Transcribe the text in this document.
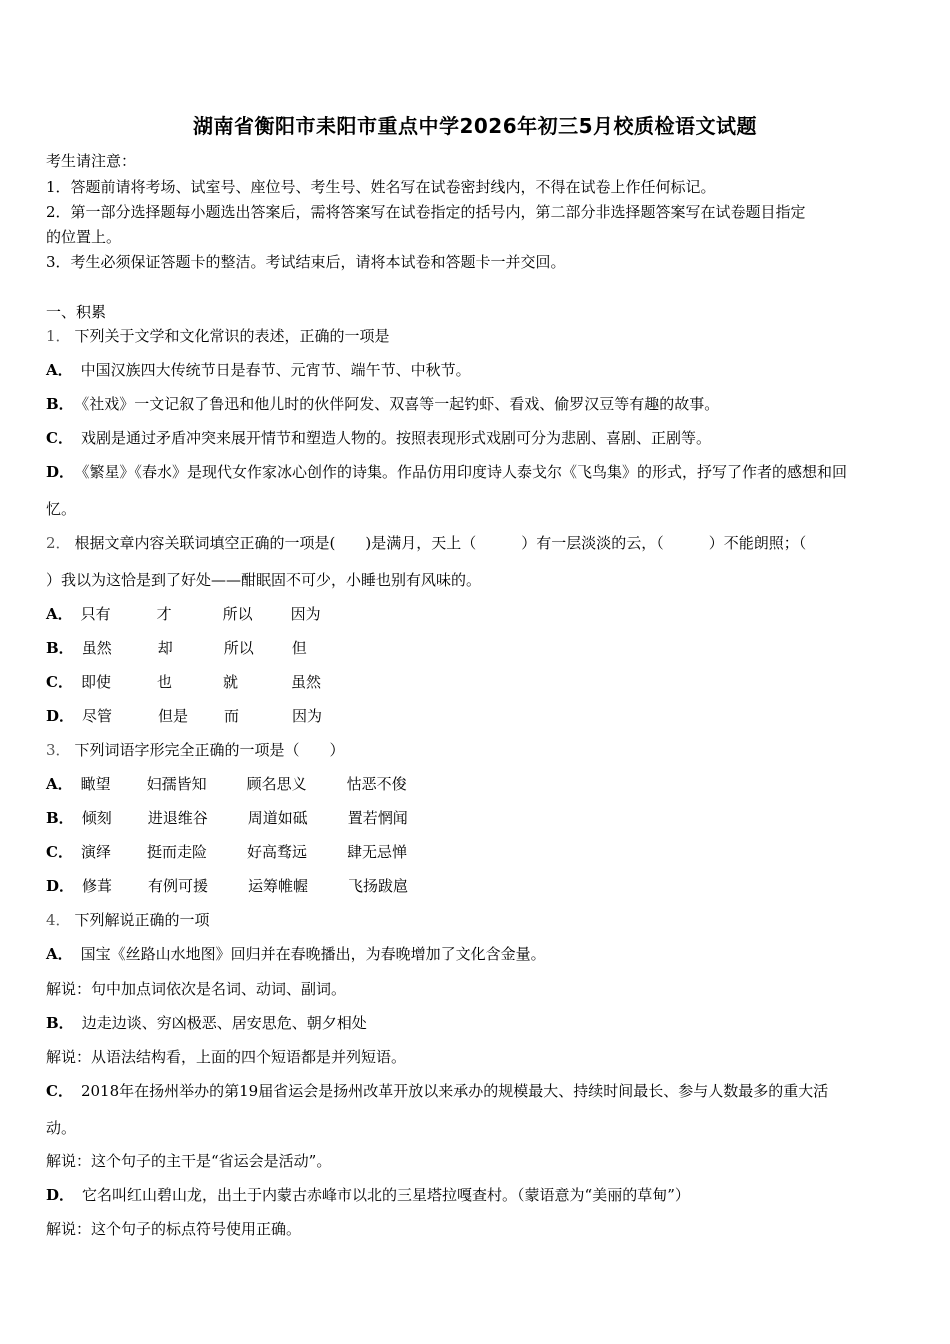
湖南省衡阳市耒阳市重点中学2026年初三5月校质检语文试题
考生请注意：
1．答题前请将考场、试室号、座位号、考生号、姓名写在试卷密封线内，不得在试卷上作任何标记。
2．第一部分选择题每小题选出答案后，需将答案写在试卷指定的括号内，第二部分非选择题答案写在试卷题目指定
的位置上。
3．考生必须保证答题卡的整洁。考试结束后，请将本试卷和答题卡一并交回。
一、积累
1． 下列关于文学和文化常识的表述，正确的一项是
A． 中国汉族四大传统节日是春节、元宵节、端午节、中秋节。
B． 《社戏》一文记叙了鲁迅和他儿时的伙伴阿发、双喜等一起钓虾、看戏、偷罗汉豆等有趣的故事。
C． 戏剧是通过矛盾冲突来展开情节和塑造人物的。按照表现形式戏剧可分为悲剧、喜剧、正剧等。
D． 《繁星》《春水》是现代女作家冰心创作的诗集。作品仿用印度诗人泰戈尔《飞鸟集》的形式，抒写了作者的感想和回
忆。
2． 根据文章内容关联词填空正确的一项是(　　)是满月，天上（　　　）有一层淡淡的云，（　　　）不能朗照；（
）我以为这恰是到了好处——酣眠固不可少，小睡也别有风味的。
A． 只有	才	所以	因为
B． 虽然	却	所以	但
C． 即使	也	就	虽然
D． 尽管	但是 而	因为
3． 下列词语字形完全正确的一项是（　　）
A． 瞰望 妇孺皆知	顾名思义	怙恶不俊
B． 倾刻 进退维谷	周道如砥	置若惘闻
C． 演绎 挺而走险	好高骛远	肆无忌惮
D． 修葺 有例可援	运筹帷幄	飞扬跋扈
4． 下列解说正确的一项
A． 国宝《丝路山水地图》回归并在春晚播出，为春晚增加了文化含金量。
解说：句中加点词依次是名词、动词、副词。
B． 边走边谈、穷凶极恶、居安思危、朝夕相处
解说：从语法结构看，上面的四个短语都是并列短语。
C． 2018年在扬州举办的第19届省运会是扬州改革开放以来承办的规模最大、持续时间最长、参与人数最多的重大活
动。
解说：这个句子的主干是“省运会是活动”。
D． 它名叫红山碧山龙，出土于内蒙古赤峰市以北的三星塔拉嘎查村。（蒙语意为“美丽的草甸”）
解说：这个句子的标点符号使用正确。
